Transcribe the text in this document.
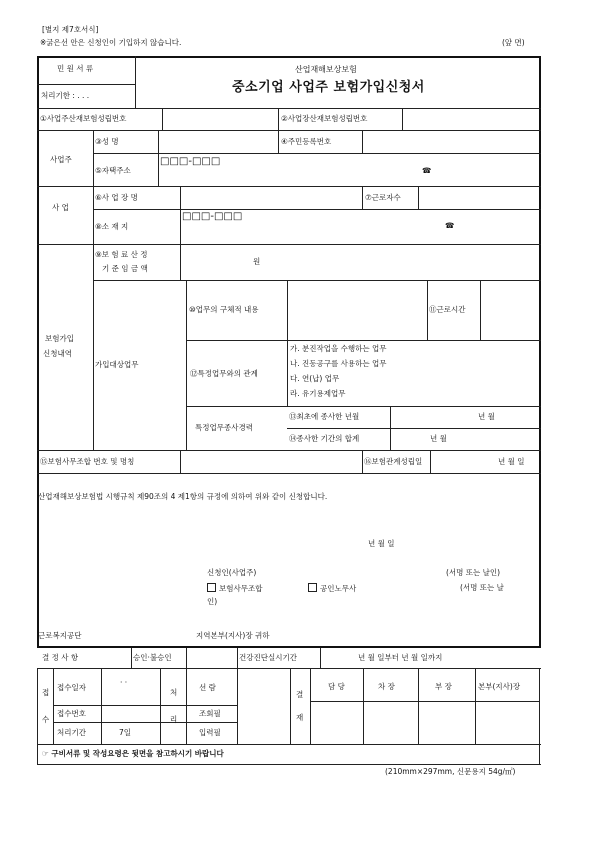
[별지 제7호서식]
※굵은선 안은 신청인이 기입하지 않습니다.	(앞 면)
민 원 서 류
처리기한 : . . .
산업재해보상보험
중소기업 사업주 보험가입신청서
①사업주산재보험성립번호	②사업장산재보험성립번호
사업주
③성 명	④주민등록번호
⑤자택주소
□□□-□□□
☎
사 업
⑥사 업 장 명	⑦근로자수
⑧소 재 지
□□□-□□□
☎
보험가입
신청내역
⑨보 험 료 산 정
기 준 임 금 액
원
가입대상업무
⑩업무의 구체적 내용	⑪근로시간
⑫특정업무와의 관계
가. 분진작업을 수행하는 업무
나. 진동공구를 사용하는 업무
다. 연(납) 업무
라. 유기용제업무
특정업무종사경력
⑬최초에 종사한 년월	년 월
⑭종사한 기간의 합계	년 월
⑮보험사무조합 번호 및 명칭	⑯보험관계성립일	년 월 일
산업재해보상보험법 시행규칙 제90조의 4 제1항의 규정에 의하여 위와 같이 신청합니다.
년 월 일
신청인(사업주)	(서명 또는 날인)
보험사무조합	공인노무사	(서명 또는 날
인)
근로복지공단	지역본부(지사)장 귀하
결 정 사 항	승인·불승인	건강진단실시기간	년 월 일부터 년 월 일까지
접
수
접수일자
· ·
접수번호
처리기간	7일
처
리
선 람
조회필
입력필
결
재
담 당	차 장	부 장	본부(지사)장
☞ 구비서류 및 작성요령은 뒷면을 참고하시기 바랍니다
(210mm×297mm, 신문용지 54g/㎡)
